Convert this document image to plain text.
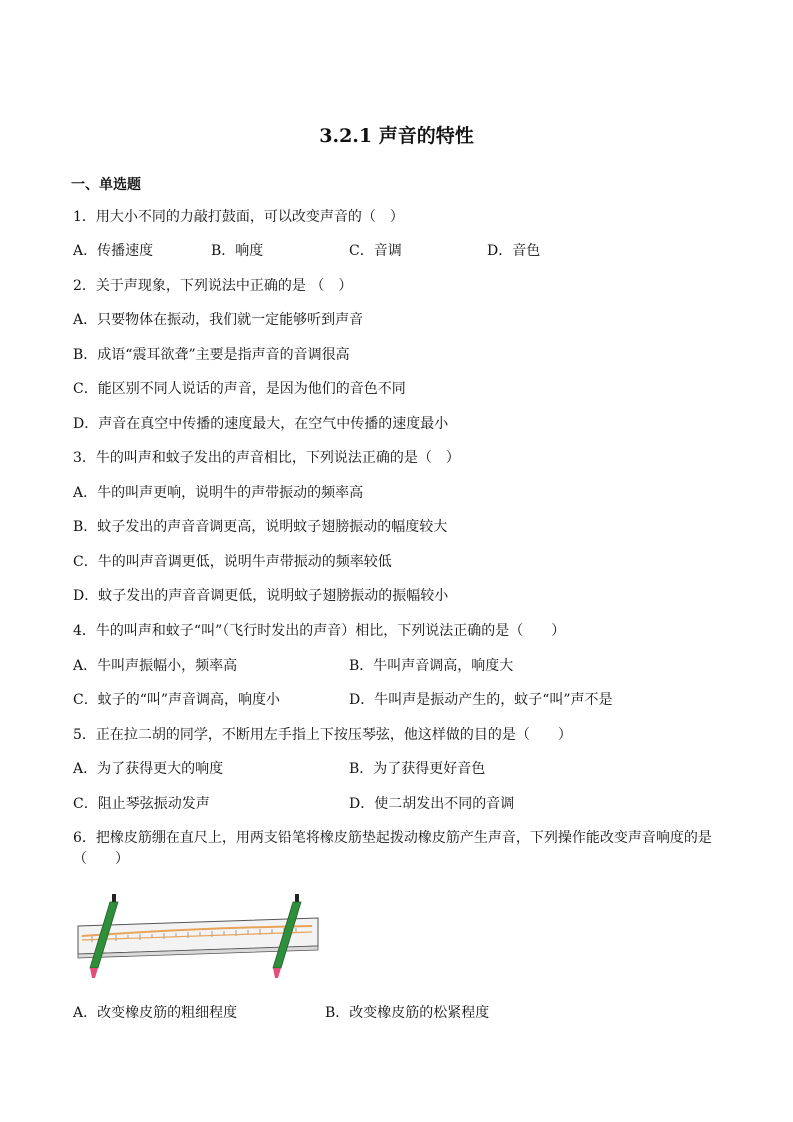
3.2.1 声音的特性
一、单选题
1．用大小不同的力敲打鼓面，可以改变声音的（　）
A．传播速度	B．响度	C．音调	D．音色
2．关于声现象，下列说法中正确的是 （　）
A．只要物体在振动，我们就一定能够听到声音
B．成语“震耳欲聋”主要是指声音的音调很高
C．能区别不同人说话的声音，是因为他们的音色不同
D．声音在真空中传播的速度最大，在空气中传播的速度最小
3．牛的叫声和蚊子发出的声音相比，下列说法正确的是（　）
A．牛的叫声更响，说明牛的声带振动的频率高
B．蚊子发出的声音音调更高，说明蚊子翅膀振动的幅度较大
C．牛的叫声音调更低，说明牛声带振动的频率较低
D．蚊子发出的声音音调更低，说明蚊子翅膀振动的振幅较小
4．牛的叫声和蚊子“叫”（飞行时发出的声音）相比，下列说法正确的是（　　）
A．牛叫声振幅小，频率高	B．牛叫声音调高，响度大
C．蚊子的“叫”声音调高，响度小	D．牛叫声是振动产生的，蚊子“叫”声不是
5．正在拉二胡的同学，不断用左手指上下按压琴弦，他这样做的目的是（　　）
A．为了获得更大的响度	B．为了获得更好音色
C．阻止琴弦振动发声	D．使二胡发出不同的音调
6．把橡皮筋绷在直尺上，用两支铅笔将橡皮筋垫起拨动橡皮筋产生声音，下列操作能改变声音响度的是
（　　）
A．改变橡皮筋的粗细程度	B．改变橡皮筋的松紧程度
